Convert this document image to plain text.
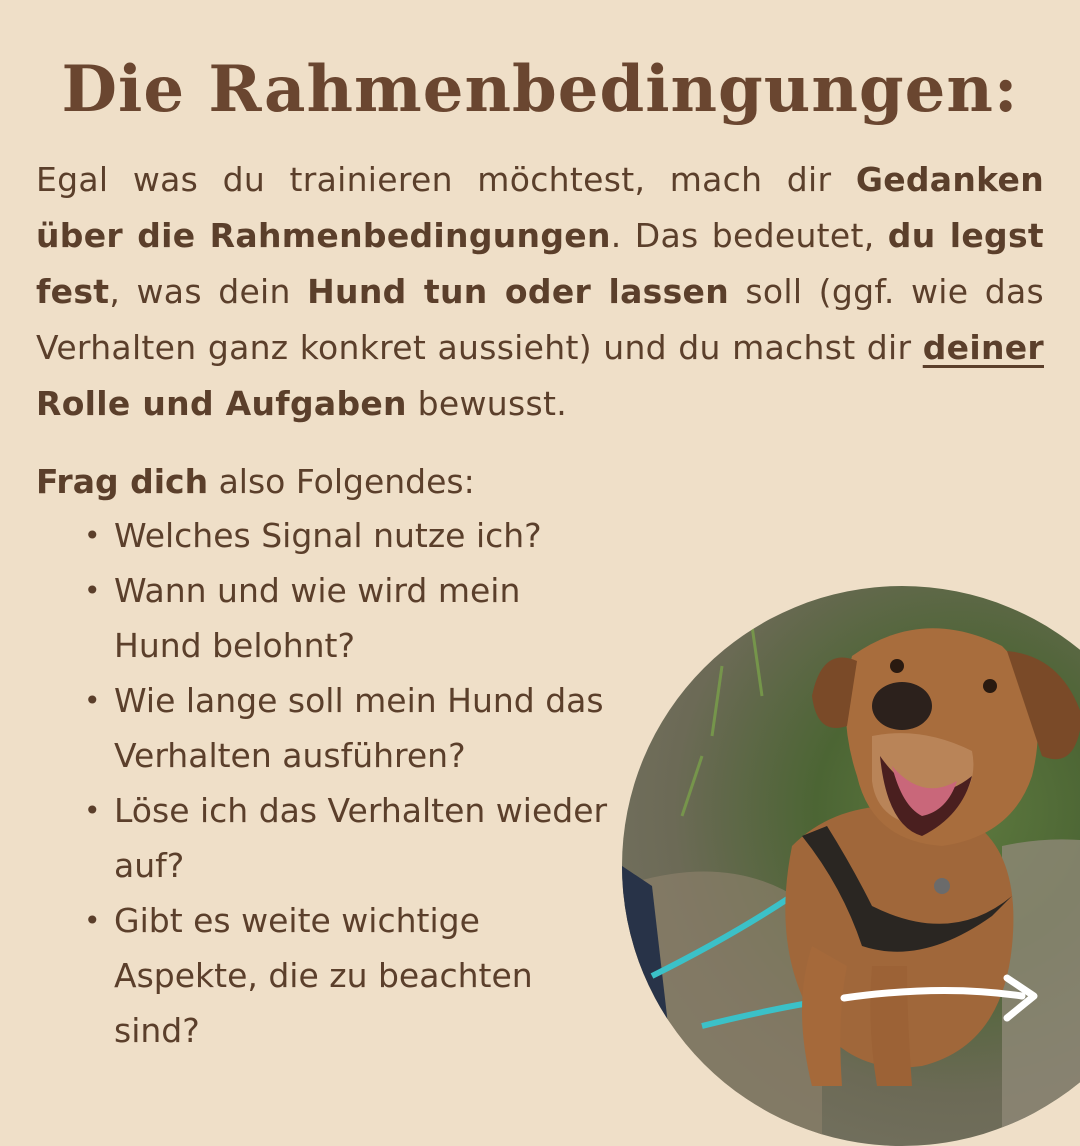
Die Rahmenbedingungen:
Egal was du trainieren möchtest, mach dir Gedanken über die Rahmenbedingungen. Das bedeutet, du legst fest, was dein Hund tun oder lassen soll (ggf. wie das Verhalten ganz konkret aussieht) und du machst dir deiner Rolle und Aufgaben bewusst.
Frag dich also Folgendes:
• Welches Signal nutze ich?
• Wann und wie wird mein Hund belohnt?
• Wie lange soll mein Hund das Verhalten ausführen?
• Löse ich das Verhalten wieder auf?
• Gibt es weite wichtige Aspekte, die zu beachten sind?
